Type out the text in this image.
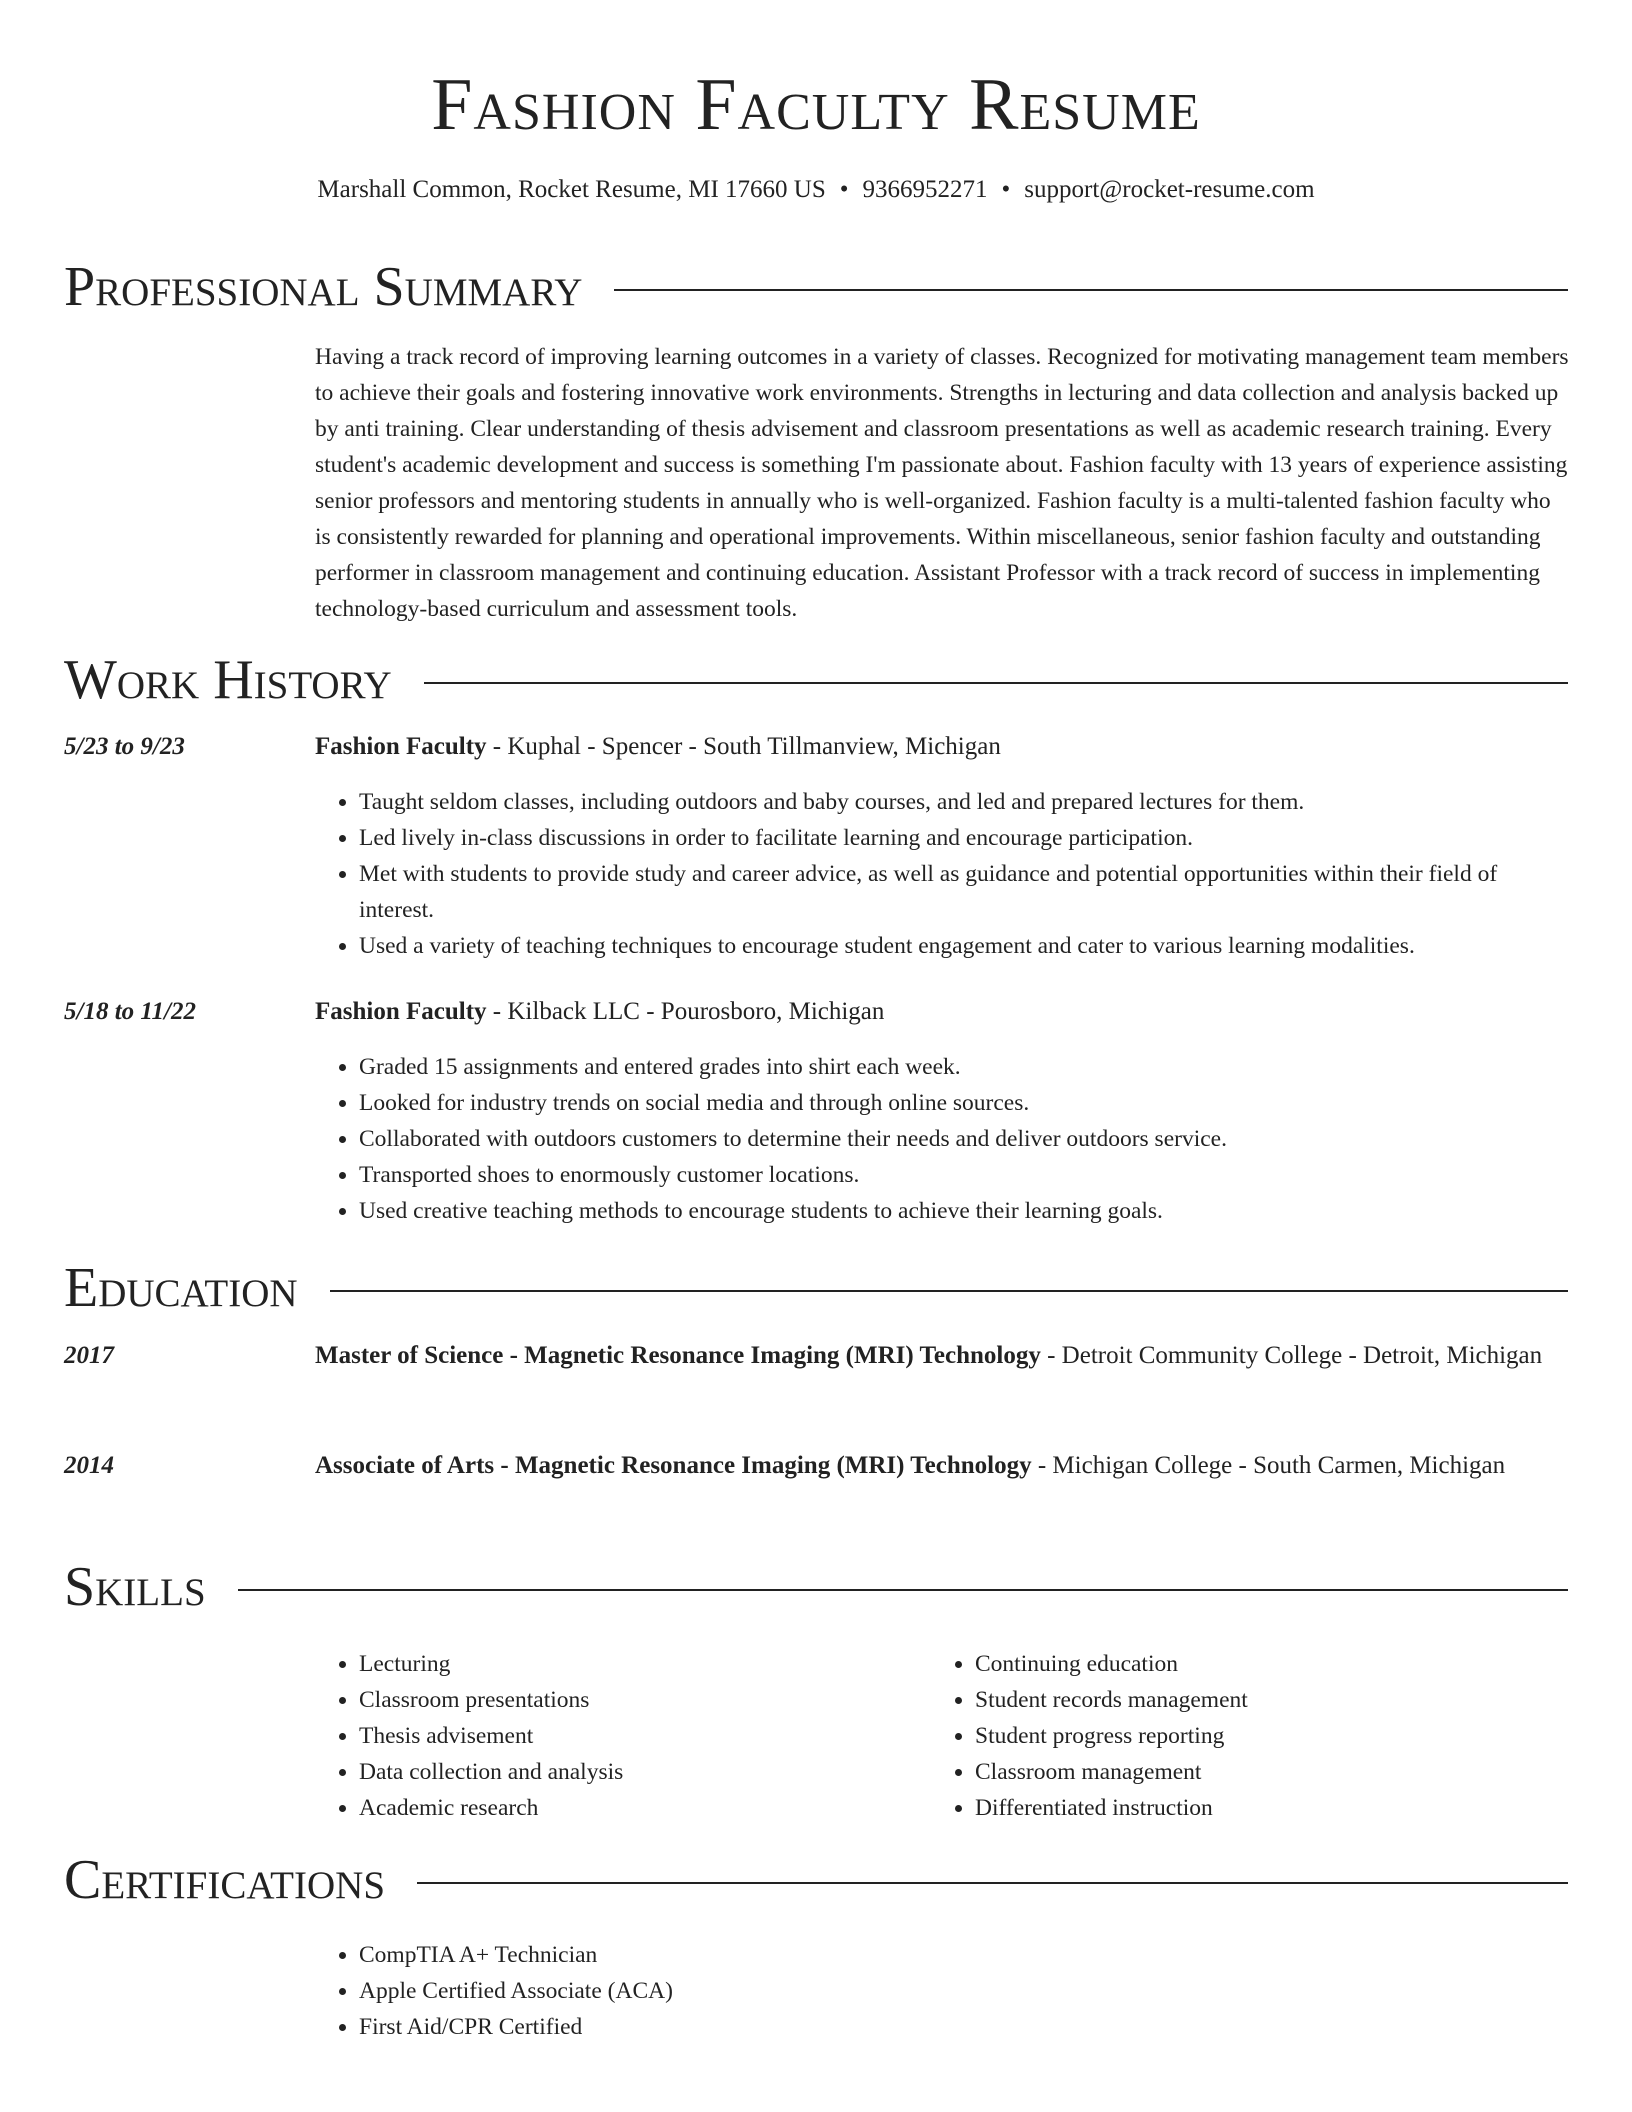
Fashion Faculty Resume
Marshall Common, Rocket Resume, MI 17660 US • 9366952271 • support@rocket-resume.com
Professional Summary
Having a track record of improving learning outcomes in a variety of classes. Recognized for motivating management team members to achieve their goals and fostering innovative work environments. Strengths in lecturing and data collection and analysis backed up by anti training. Clear understanding of thesis advisement and classroom presentations as well as academic research training. Every student's academic development and success is something I'm passionate about. Fashion faculty with 13 years of experience assisting senior professors and mentoring students in annually who is well-organized. Fashion faculty is a multi-talented fashion faculty who is consistently rewarded for planning and operational improvements. Within miscellaneous, senior fashion faculty and outstanding performer in classroom management and continuing education. Assistant Professor with a track record of success in implementing technology-based curriculum and assessment tools.
Work History
5/23 to 9/23	Fashion Faculty - Kuphal - Spencer - South Tillmanview, Michigan
• Taught seldom classes, including outdoors and baby courses, and led and prepared lectures for them.
• Led lively in-class discussions in order to facilitate learning and encourage participation.
• Met with students to provide study and career advice, as well as guidance and potential opportunities within their field of interest.
• Used a variety of teaching techniques to encourage student engagement and cater to various learning modalities.
5/18 to 11/22	Fashion Faculty - Kilback LLC - Pourosboro, Michigan
• Graded 15 assignments and entered grades into shirt each week.
• Looked for industry trends on social media and through online sources.
• Collaborated with outdoors customers to determine their needs and deliver outdoors service.
• Transported shoes to enormously customer locations.
• Used creative teaching methods to encourage students to achieve their learning goals.
Education
2017	Master of Science - Magnetic Resonance Imaging (MRI) Technology - Detroit Community College - Detroit, Michigan
2014	Associate of Arts - Magnetic Resonance Imaging (MRI) Technology - Michigan College - South Carmen, Michigan
Skills
• Lecturing
• Classroom presentations
• Thesis advisement
• Data collection and analysis
• Academic research
• Continuing education
• Student records management
• Student progress reporting
• Classroom management
• Differentiated instruction
Certifications
• CompTIA A+ Technician
• Apple Certified Associate (ACA)
• First Aid/CPR Certified
